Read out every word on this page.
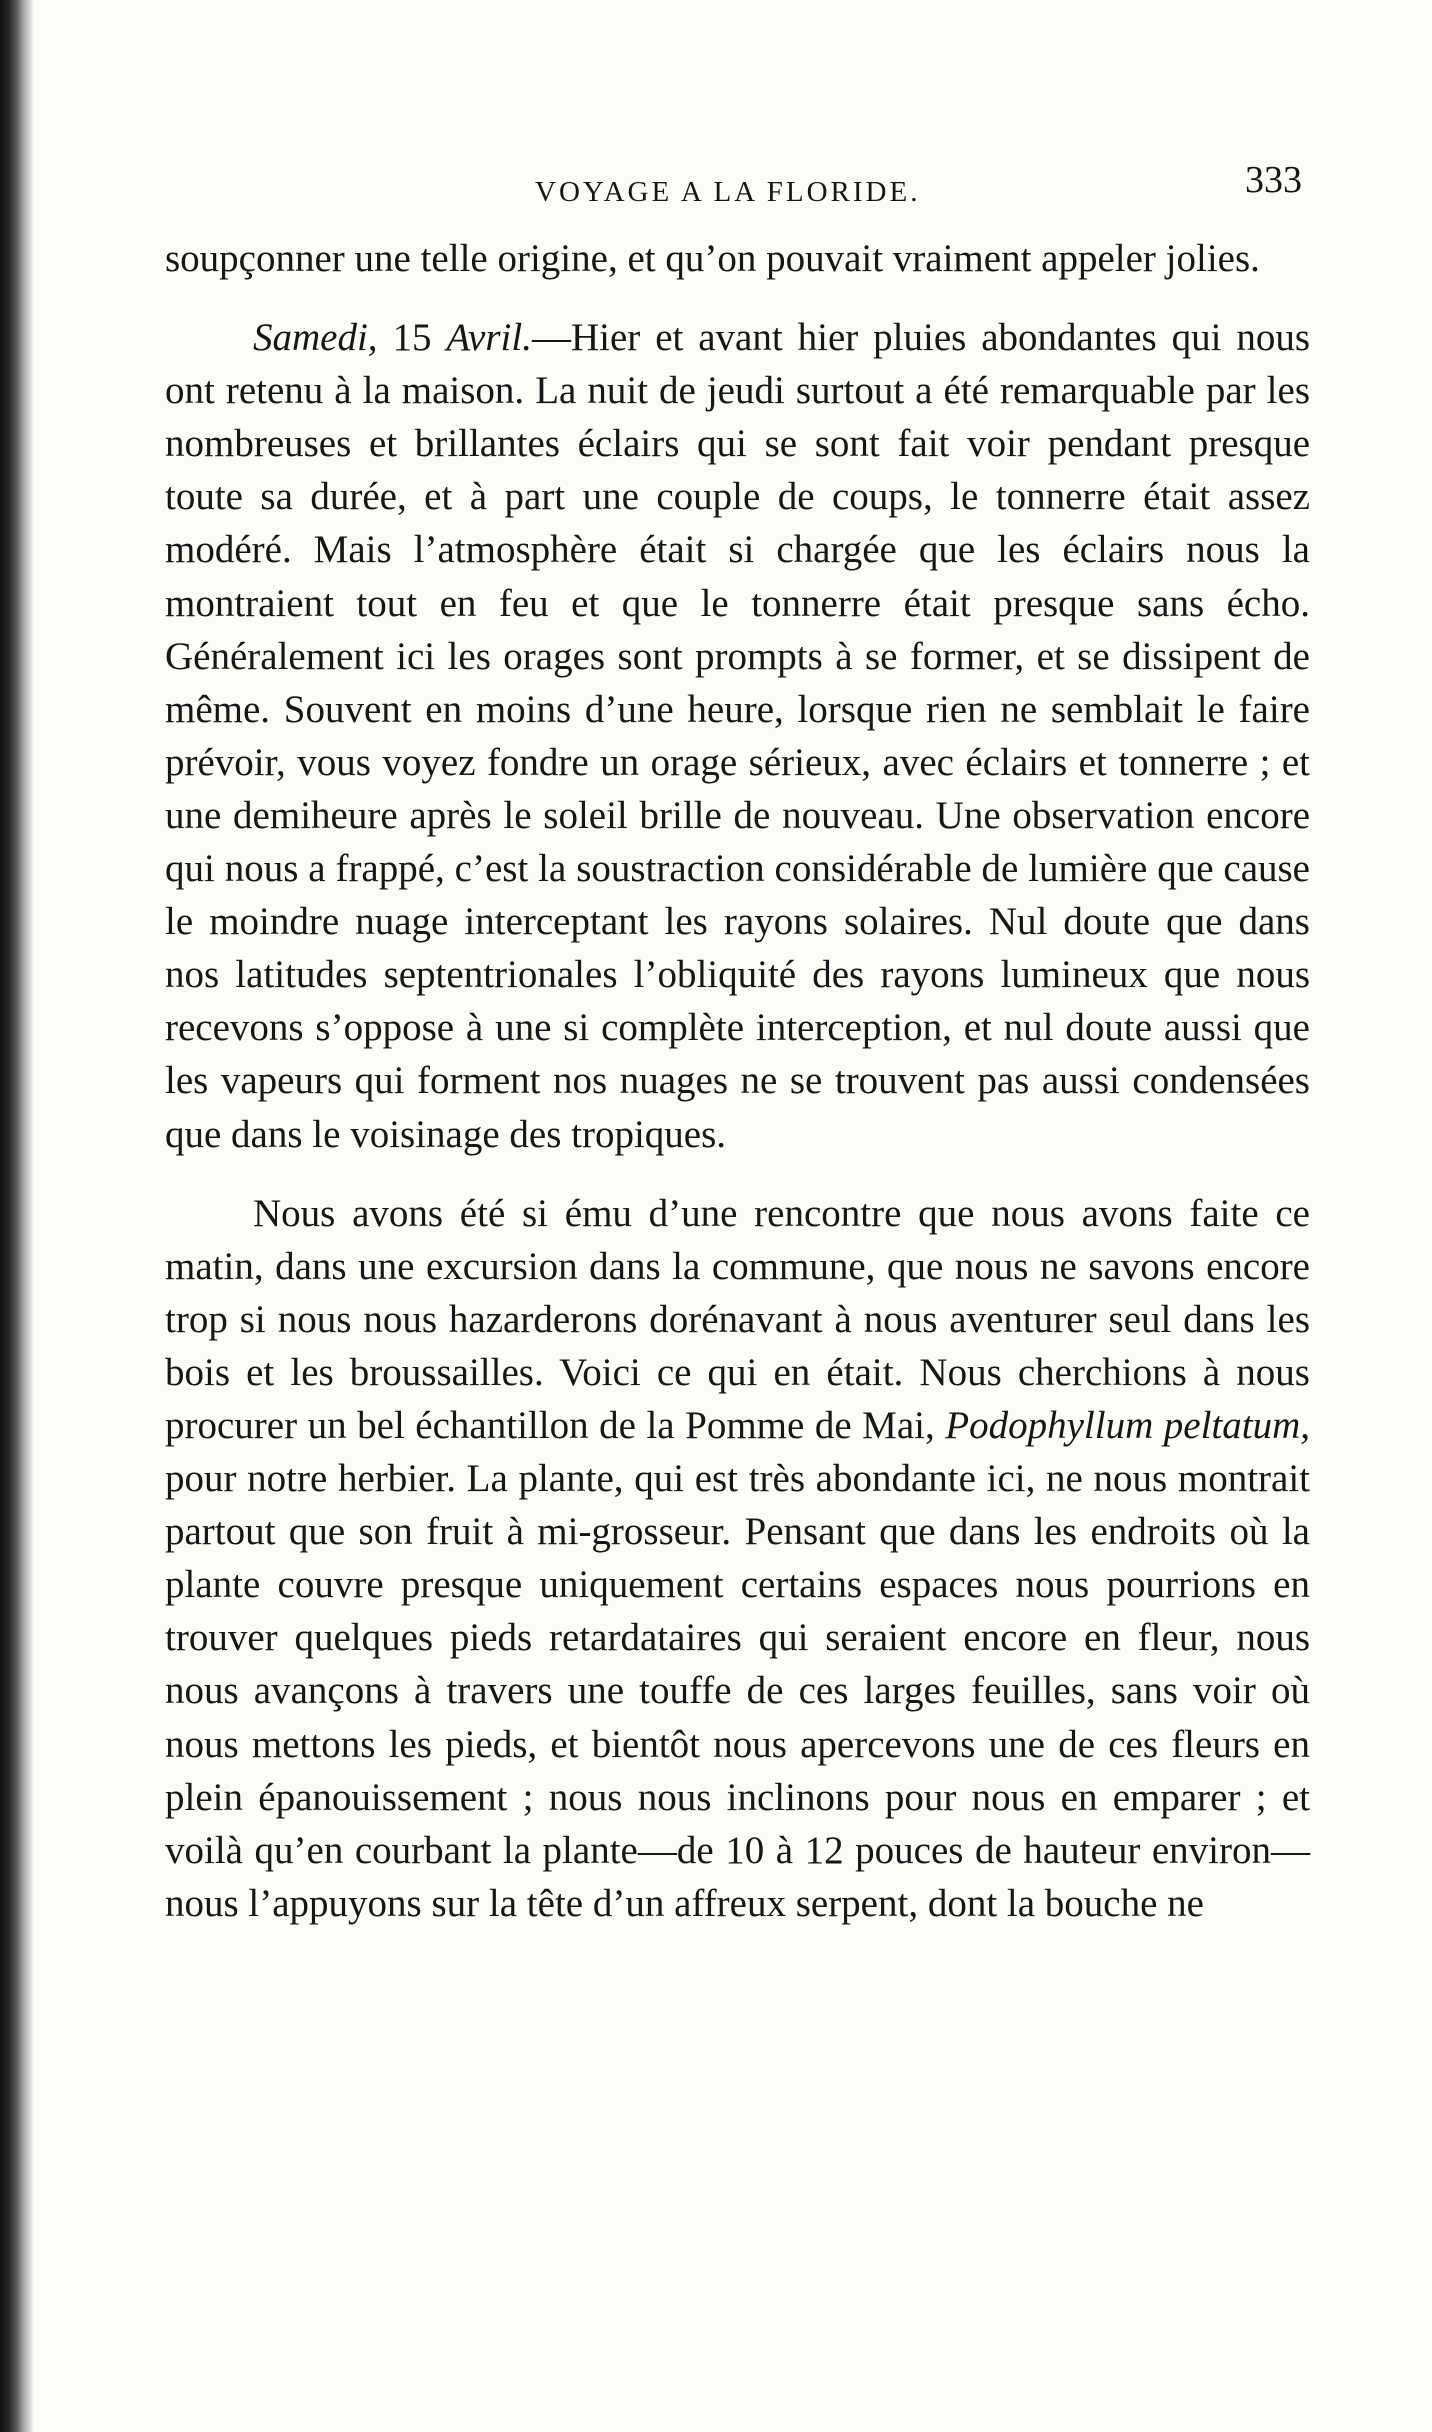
VOYAGE A LA FLORIDE.	333

soupçonner une telle origine, et qu’on pouvait vraiment appeler jolies.

Samedi, 15 Avril.—Hier et avant hier pluies abondantes qui nous ont retenu à la maison. La nuit de jeudi surtout a été remarquable par les nombreuses et brillantes éclairs qui se sont fait voir pendant presque toute sa durée, et à part une couple de coups, le tonnerre était assez modéré. Mais l’atmosphère était si chargée que les éclairs nous la montraient tout en feu et que le tonnerre était presque sans écho. Généralement ici les orages sont prompts à se former, et se dissipent de même. Souvent en moins d’une heure, lorsque rien ne semblait le faire prévoir, vous voyez fondre un orage sérieux, avec éclairs et tonnerre ; et une demiheure après le soleil brille de nouveau. Une observation encore qui nous a frappé, c’est la soustraction considérable de lumière que cause le moindre nuage interceptant les rayons solaires. Nul doute que dans nos latitudes septentrionales l’obliquité des rayons lumineux que nous recevons s’oppose à une si complète interception, et nul doute aussi que les vapeurs qui forment nos nuages ne se trouvent pas aussi condensées que dans le voisinage des tropiques.

Nous avons été si ému d’une rencontre que nous avons faite ce matin, dans une excursion dans la commune, que nous ne savons encore trop si nous nous hazarderons dorénavant à nous aventurer seul dans les bois et les broussailles. Voici ce qui en était. Nous cherchions à nous procurer un bel échantillon de la Pomme de Mai, Podophyllum peltatum, pour notre herbier. La plante, qui est très abondante ici, ne nous montrait partout que son fruit à mi-grosseur. Pensant que dans les endroits où la plante couvre presque uniquement certains espaces nous pourrions en trouver quelques pieds retardataires qui seraient encore en fleur, nous nous avançons à travers une touffe de ces larges feuilles, sans voir où nous mettons les pieds, et bientôt nous apercevons une de ces fleurs en plein épanouissement ; nous nous inclinons pour nous en emparer ; et voilà qu’en courbant la plante—de 10 à 12 pouces de hauteur environ—nous l’appuyons sur la tête d’un affreux serpent, dont la bouche ne
